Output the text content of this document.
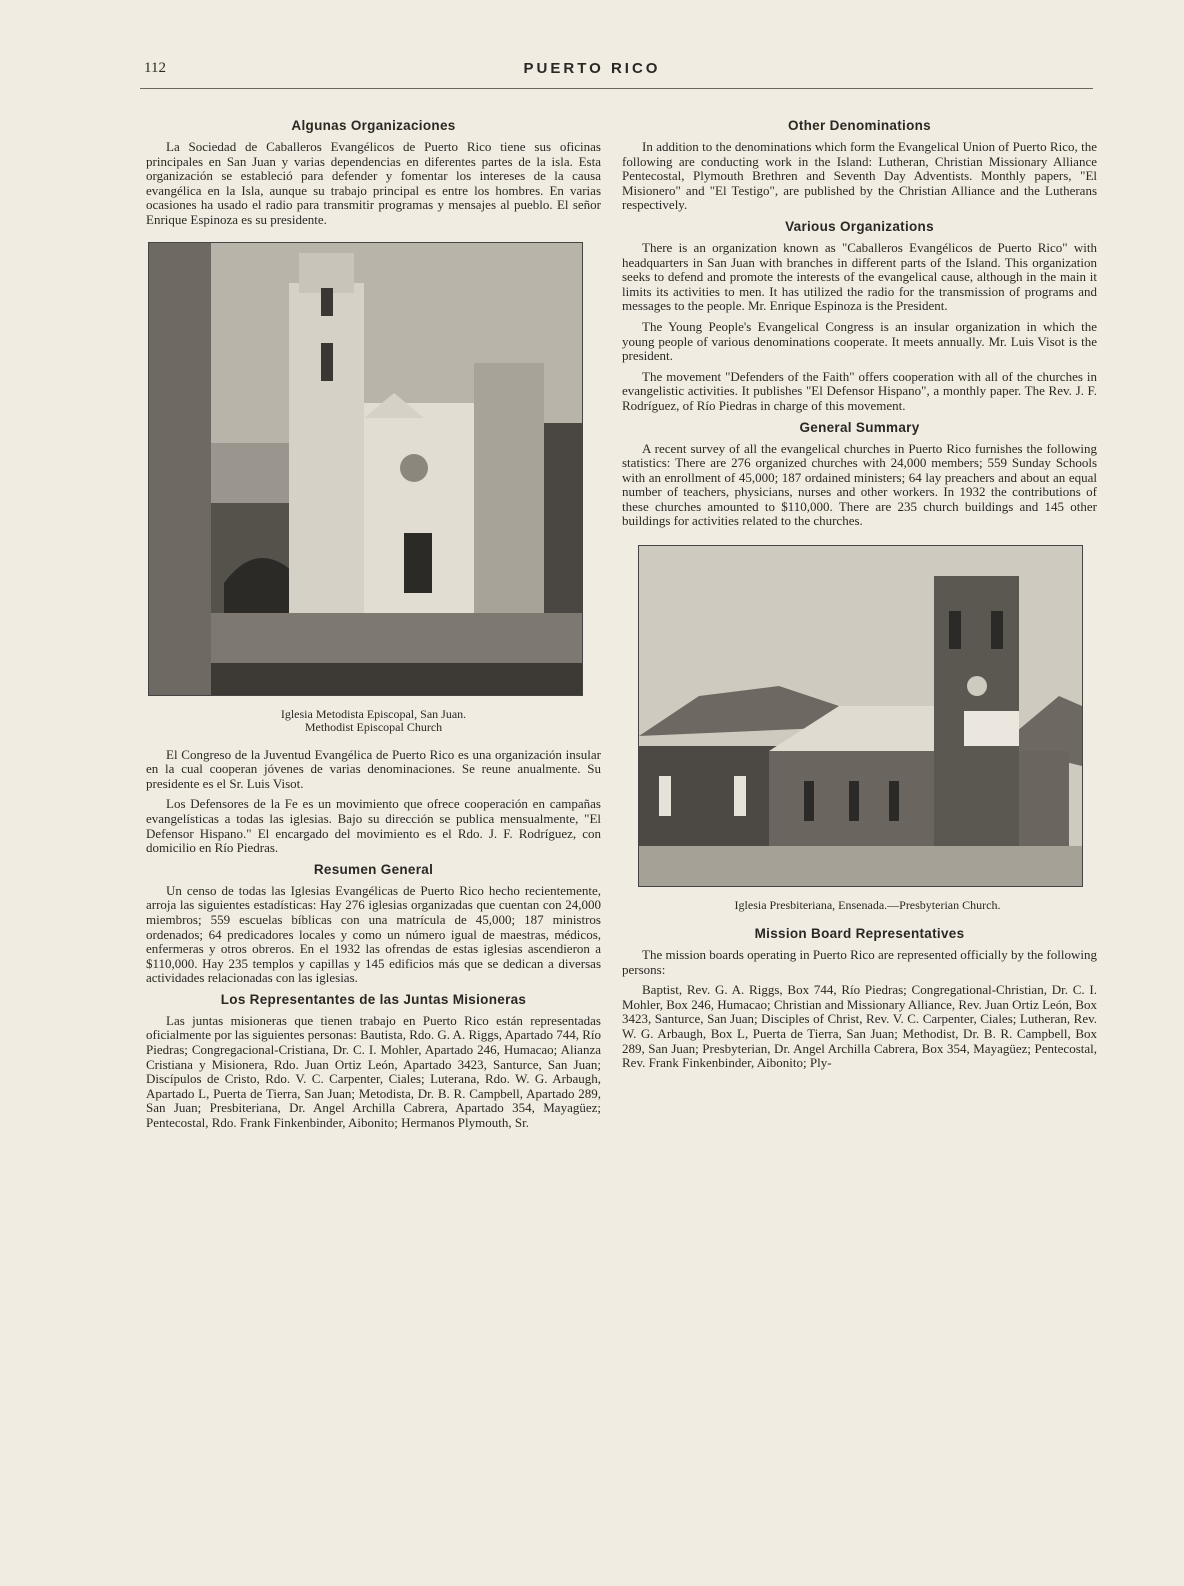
112	PUERTO RICO
Algunas Organizaciones

La Sociedad de Caballeros Evangélicos de Puerto Rico tiene sus oficinas principales en San Juan y varias dependencias en diferentes partes de la isla. Esta organización se estableció para defender y fomentar los intereses de la causa evangélica en la Isla, aunque su trabajo principal es entre los hombres. En varias ocasiones ha usado el radio para transmitir programas y mensajes al pueblo. El señor Enrique Espinoza es su presidente.

Iglesia Metodista Episcopal, San Juan.
Methodist Episcopal Church

El Congreso de la Juventud Evangélica de Puerto Rico es una organización insular en la cual cooperan jóvenes de varias denominaciones. Se reune anualmente. Su presidente es el Sr. Luis Visot.

Los Defensores de la Fe es un movimiento que ofrece cooperación en campañas evangelísticas a todas las iglesias. Bajo su dirección se publica mensualmente, "El Defensor Hispano." El encargado del movimiento es el Rdo. J. F. Rodríguez, con domicilio en Río Piedras.

Resumen General

Un censo de todas las Iglesias Evangélicas de Puerto Rico hecho recientemente, arroja las siguientes estadísticas: Hay 276 iglesias organizadas que cuentan con 24,000 miembros; 559 escuelas bíblicas con una matrícula de 45,000; 187 ministros ordenados; 64 predicadores locales y como un número igual de maestras, médicos, enfermeras y otros obreros. En el 1932 las ofrendas de estas iglesias ascendieron a $110,000. Hay 235 templos y capillas y 145 edificios más que se dedican a diversas actividades relacionadas con las iglesias.

Los Representantes de las Juntas Misioneras

Las juntas misioneras que tienen trabajo en Puerto Rico están representadas oficialmente por las siguientes personas: Bautista, Rdo. G. A. Riggs, Apartado 744, Río Piedras; Congregacional-Cristiana, Dr. C. I. Mohler, Apartado 246, Humacao; Alianza Cristiana y Misionera, Rdo. Juan Ortiz León, Apartado 3423, Santurce, San Juan; Discípulos de Cristo, Rdo. V. C. Carpenter, Ciales; Luterana, Rdo. W. G. Arbaugh, Apartado L, Puerta de Tierra, San Juan; Metodista, Dr. B. R. Campbell, Apartado 289, San Juan; Presbiteriana, Dr. Angel Archilla Cabrera, Apartado 354, Mayagüez; Pentecostal, Rdo. Frank Finkenbinder, Aibonito; Hermanos Plymouth, Sr.

Other Denominations

In addition to the denominations which form the Evangelical Union of Puerto Rico, the following are conducting work in the Island: Lutheran, Christian Missionary Alliance Pentecostal, Plymouth Brethren and Seventh Day Adventists. Monthly papers, "El Misionero" and "El Testigo", are published by the Christian Alliance and the Lutherans respectively.

Various Organizations

There is an organization known as "Caballeros Evangélicos de Puerto Rico" with headquarters in San Juan with branches in different parts of the Island. This organization seeks to defend and promote the interests of the evangelical cause, although in the main it limits its activities to men. It has utilized the radio for the transmission of programs and messages to the people. Mr. Enrique Espinoza is the President.

The Young People's Evangelical Congress is an insular organization in which the young people of various denominations cooperate. It meets annually. Mr. Luis Visot is the president.

The movement "Defenders of the Faith" offers cooperation with all of the churches in evangelistic activities. It publishes "El Defensor Hispano", a monthly paper. The Rev. J. F. Rodríguez, of Río Piedras in charge of this movement.

General Summary

A recent survey of all the evangelical churches in Puerto Rico furnishes the following statistics: There are 276 organized churches with 24,000 members; 559 Sunday Schools with an enrollment of 45,000; 187 ordained ministers; 64 lay preachers and about an equal number of teachers, physicians, nurses and other workers. In 1932 the contributions of these churches amounted to $110,000. There are 235 church buildings and 145 other buildings for activities related to the churches.

Iglesia Presbiteriana, Ensenada.—Presbyterian Church.
Mission Board Representatives

The mission boards operating in Puerto Rico are represented officially by the following persons:

Baptist, Rev. G. A. Riggs, Box 744, Río Piedras; Congregational-Christian, Dr. C. I. Mohler, Box 246, Humacao; Christian and Missionary Alliance, Rev. Juan Ortiz León, Box 3423, Santurce, San Juan; Disciples of Christ, Rev. V. C. Carpenter, Ciales; Lutheran, Rev. W. G. Arbaugh, Box L, Puerta de Tierra, San Juan; Methodist, Dr. B. R. Campbell, Box 289, San Juan; Presbyterian, Dr. Angel Archilla Cabrera, Box 354, Mayagüez; Pentecostal, Rev. Frank Finkenbinder, Aibonito; Ply-
